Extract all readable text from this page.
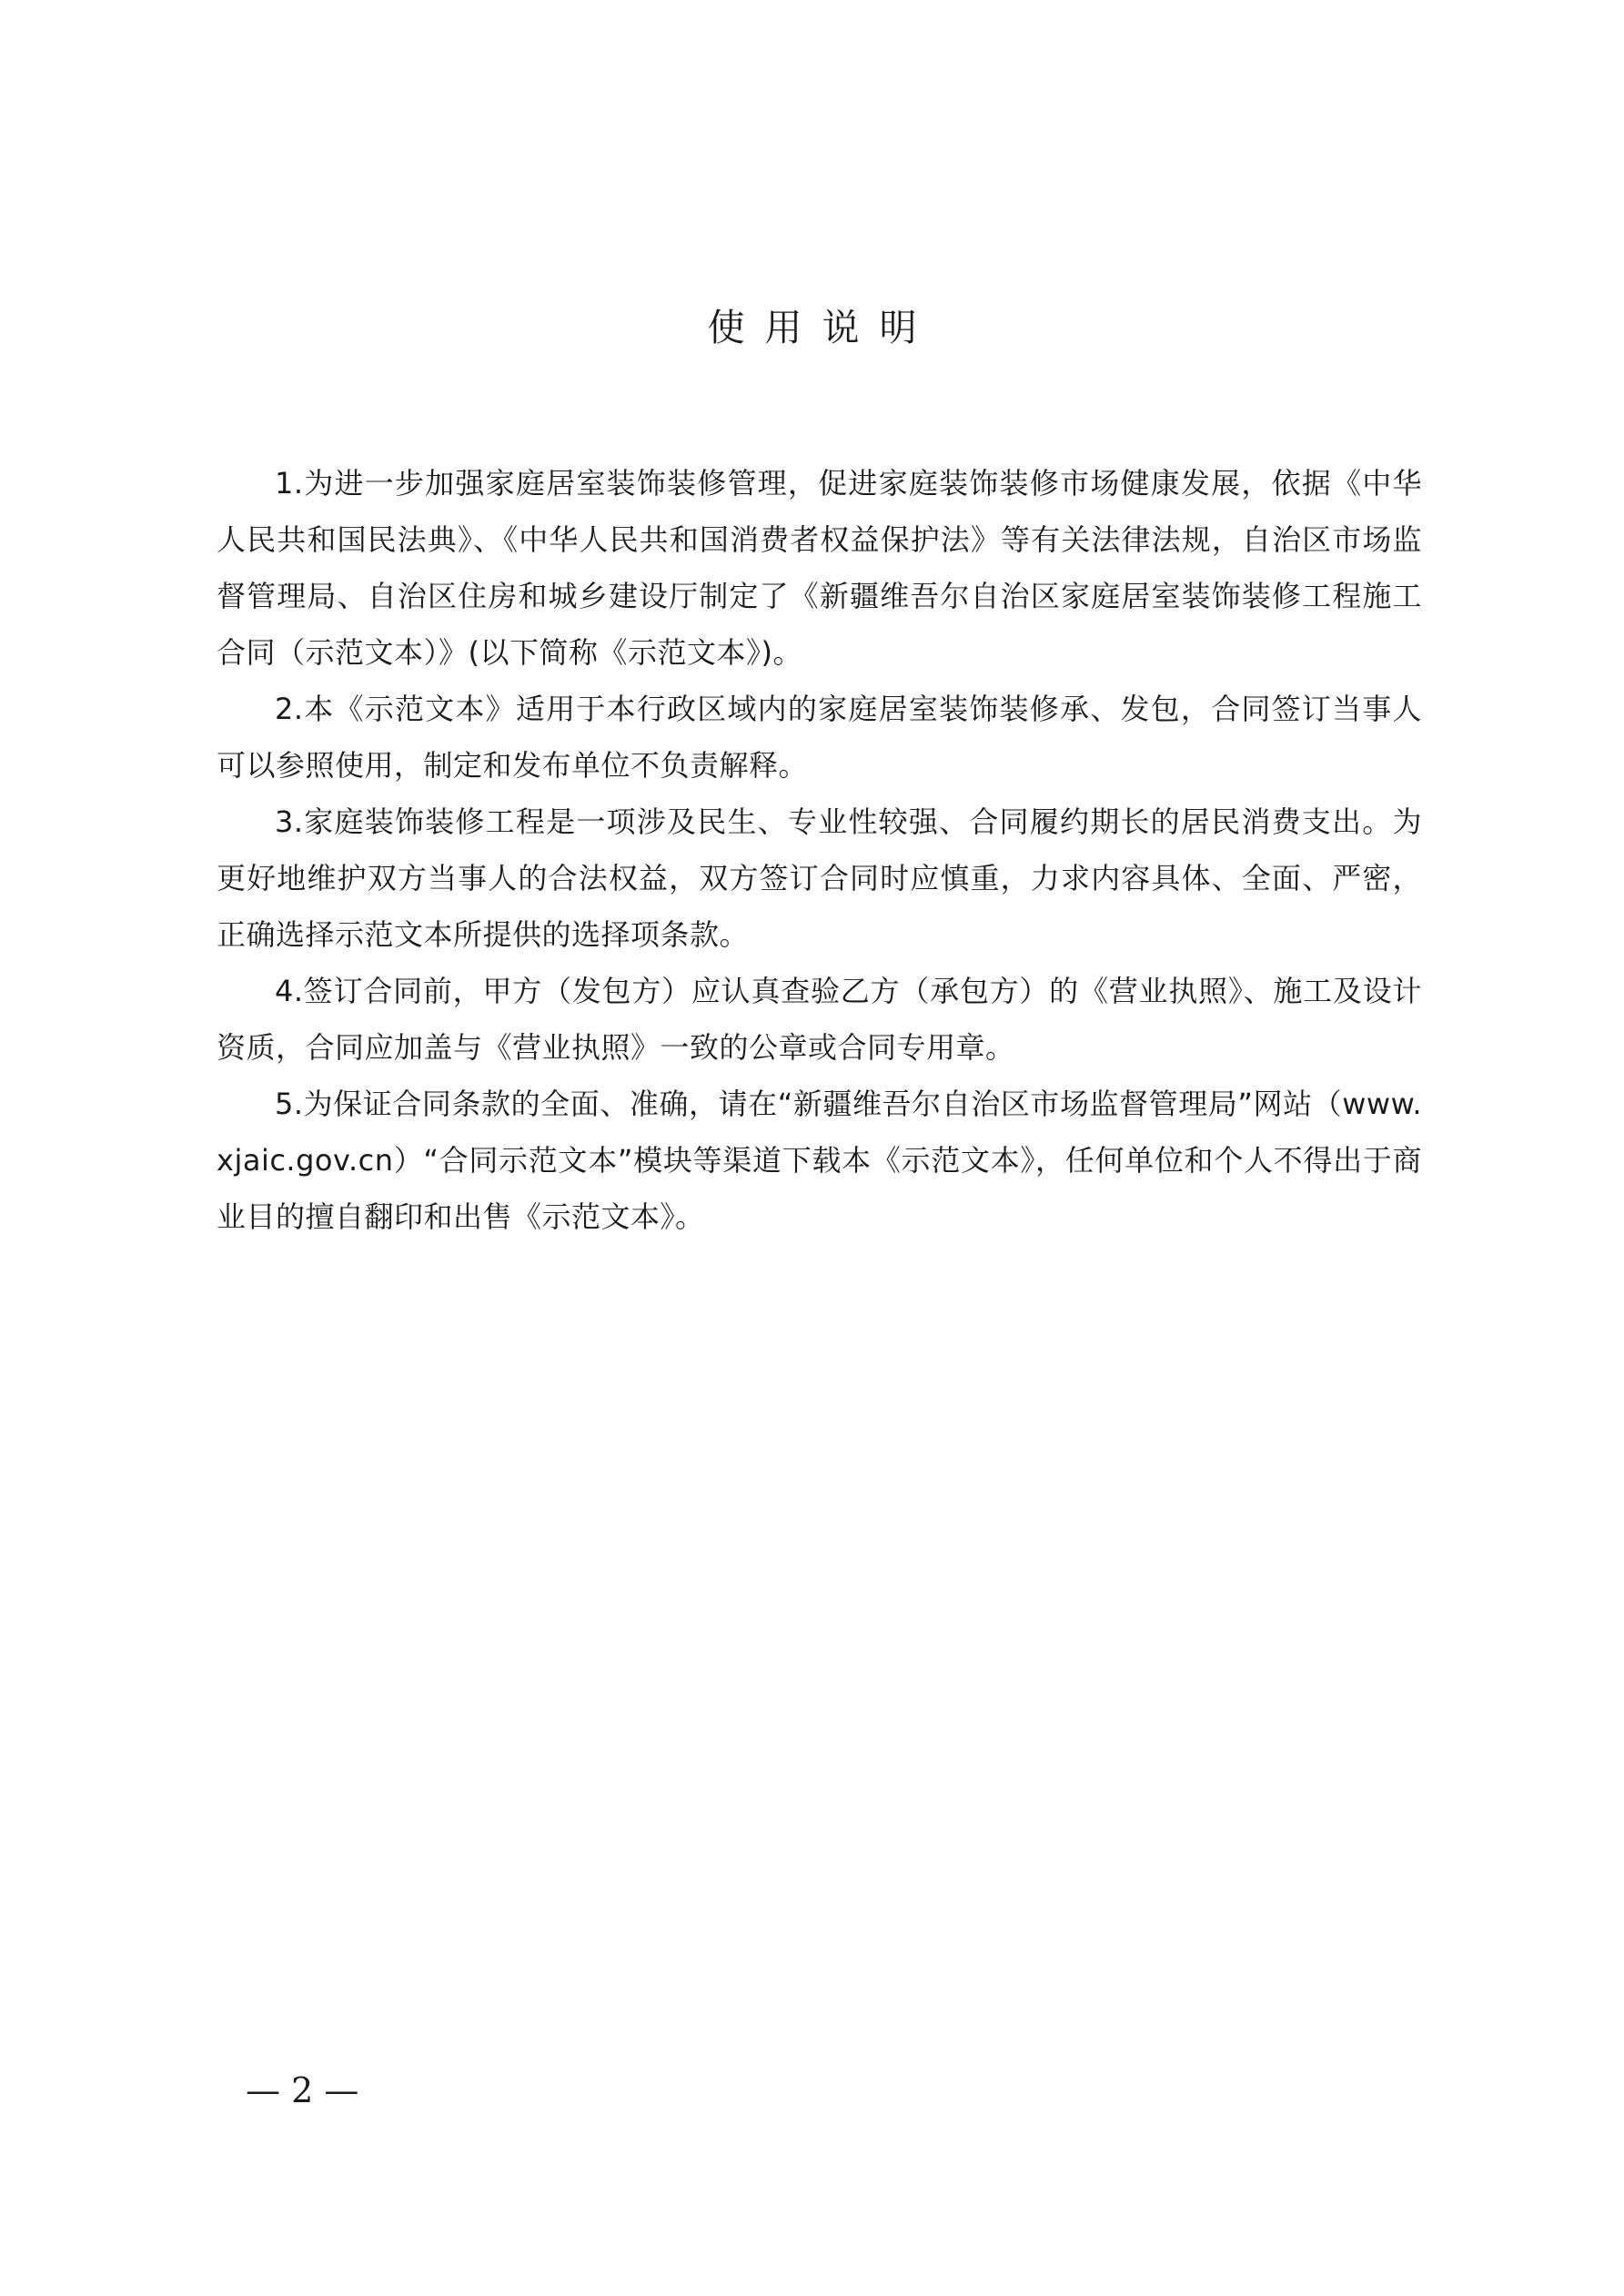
使用说明

1.为进一步加强家庭居室装饰装修管理，促进家庭装饰装修市场健康发展，依据《中华人民共和国民法典》、《中华人民共和国消费者权益保护法》等有关法律法规，自治区市场监督管理局、自治区住房和城乡建设厅制定了《新疆维吾尔自治区家庭居室装饰装修工程施工合同（示范文本）》(以下简称《示范文本》)。

2.本《示范文本》适用于本行政区域内的家庭居室装饰装修承、发包，合同签订当事人可以参照使用，制定和发布单位不负责解释。

3.家庭装饰装修工程是一项涉及民生、专业性较强、合同履约期长的居民消费支出。为更好地维护双方当事人的合法权益，双方签订合同时应慎重，力求内容具体、全面、严密，正确选择示范文本所提供的选择项条款。

4.签订合同前，甲方（发包方）应认真查验乙方（承包方）的《营业执照》、施工及设计资质，合同应加盖与《营业执照》一致的公章或合同专用章。

5.为保证合同条款的全面、准确，请在“新疆维吾尔自治区市场监督管理局”网站（www.xjaic.gov.cn）“合同示范文本”模块等渠道下载本《示范文本》，任何单位和个人不得出于商业目的擅自翻印和出售《示范文本》。

— 2 —
